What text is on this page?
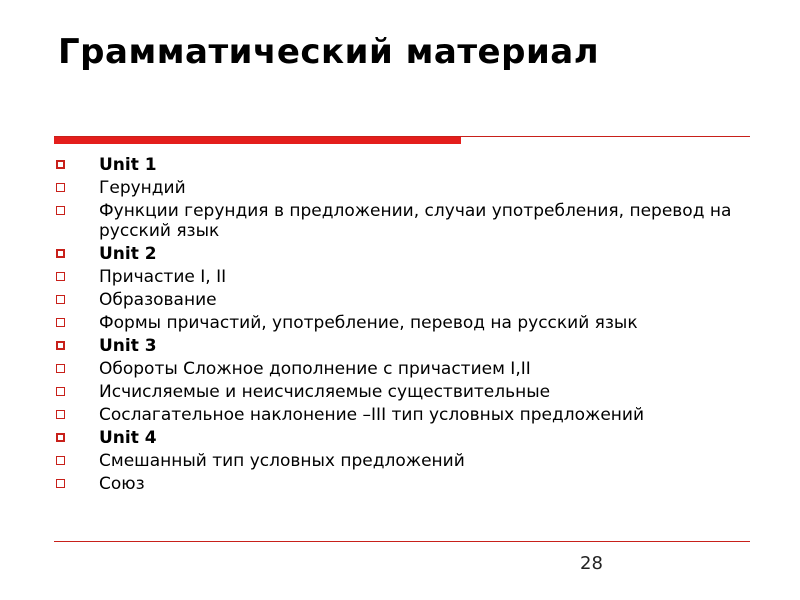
Грамматический материал
Unit 1
Герундий
Функции герундия в предложении, случаи употребления, перевод на русский язык
Unit 2
Причастие I, II
Образование
Формы причастий, употребление, перевод на русский язык
Unit 3
Обороты Сложное дополнение с причастием I,II
Исчисляемые и неисчисляемые существительные
Сослагательное наклонение –III тип условных предложений
Unit 4
Смешанный тип условных предложений
Союз
28
